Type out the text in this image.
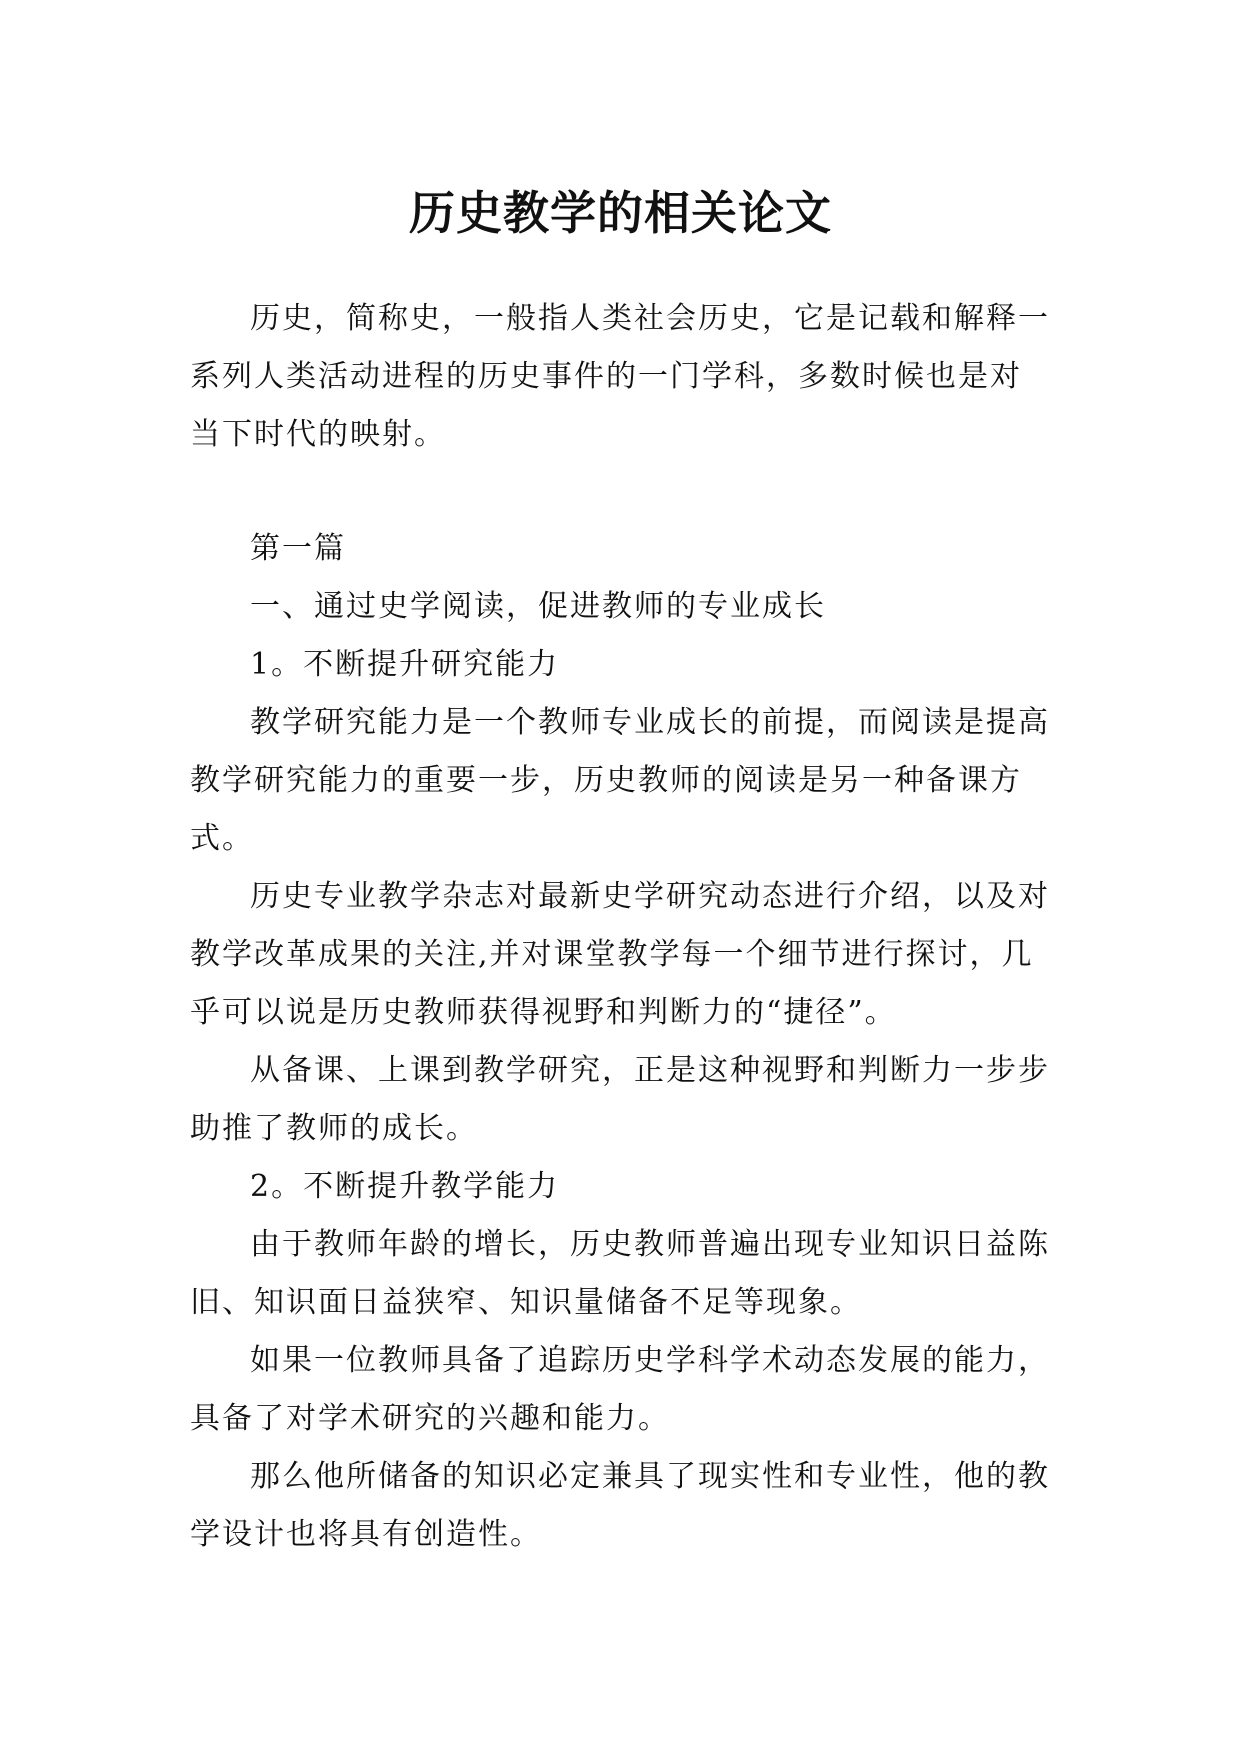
历史教学的相关论文

历史，简称史，一般指人类社会历史，它是记载和解释一系列人类活动进程的历史事件的一门学科，多数时候也是对当下时代的映射。

第一篇

一、通过史学阅读，促进教师的专业成长

1。不断提升研究能力

教学研究能力是一个教师专业成长的前提，而阅读是提高教学研究能力的重要一步，历史教师的阅读是另一种备课方式。

历史专业教学杂志对最新史学研究动态进行介绍，以及对教学改革成果的关注,并对课堂教学每一个细节进行探讨，几乎可以说是历史教师获得视野和判断力的“捷径”。

从备课、上课到教学研究，正是这种视野和判断力一步步助推了教师的成长。

2。不断提升教学能力

由于教师年龄的增长，历史教师普遍出现专业知识日益陈旧、知识面日益狭窄、知识量储备不足等现象。

如果一位教师具备了追踪历史学科学术动态发展的能力，具备了对学术研究的兴趣和能力。

那么他所储备的知识必定兼具了现实性和专业性，他的教学设计也将具有创造性。
